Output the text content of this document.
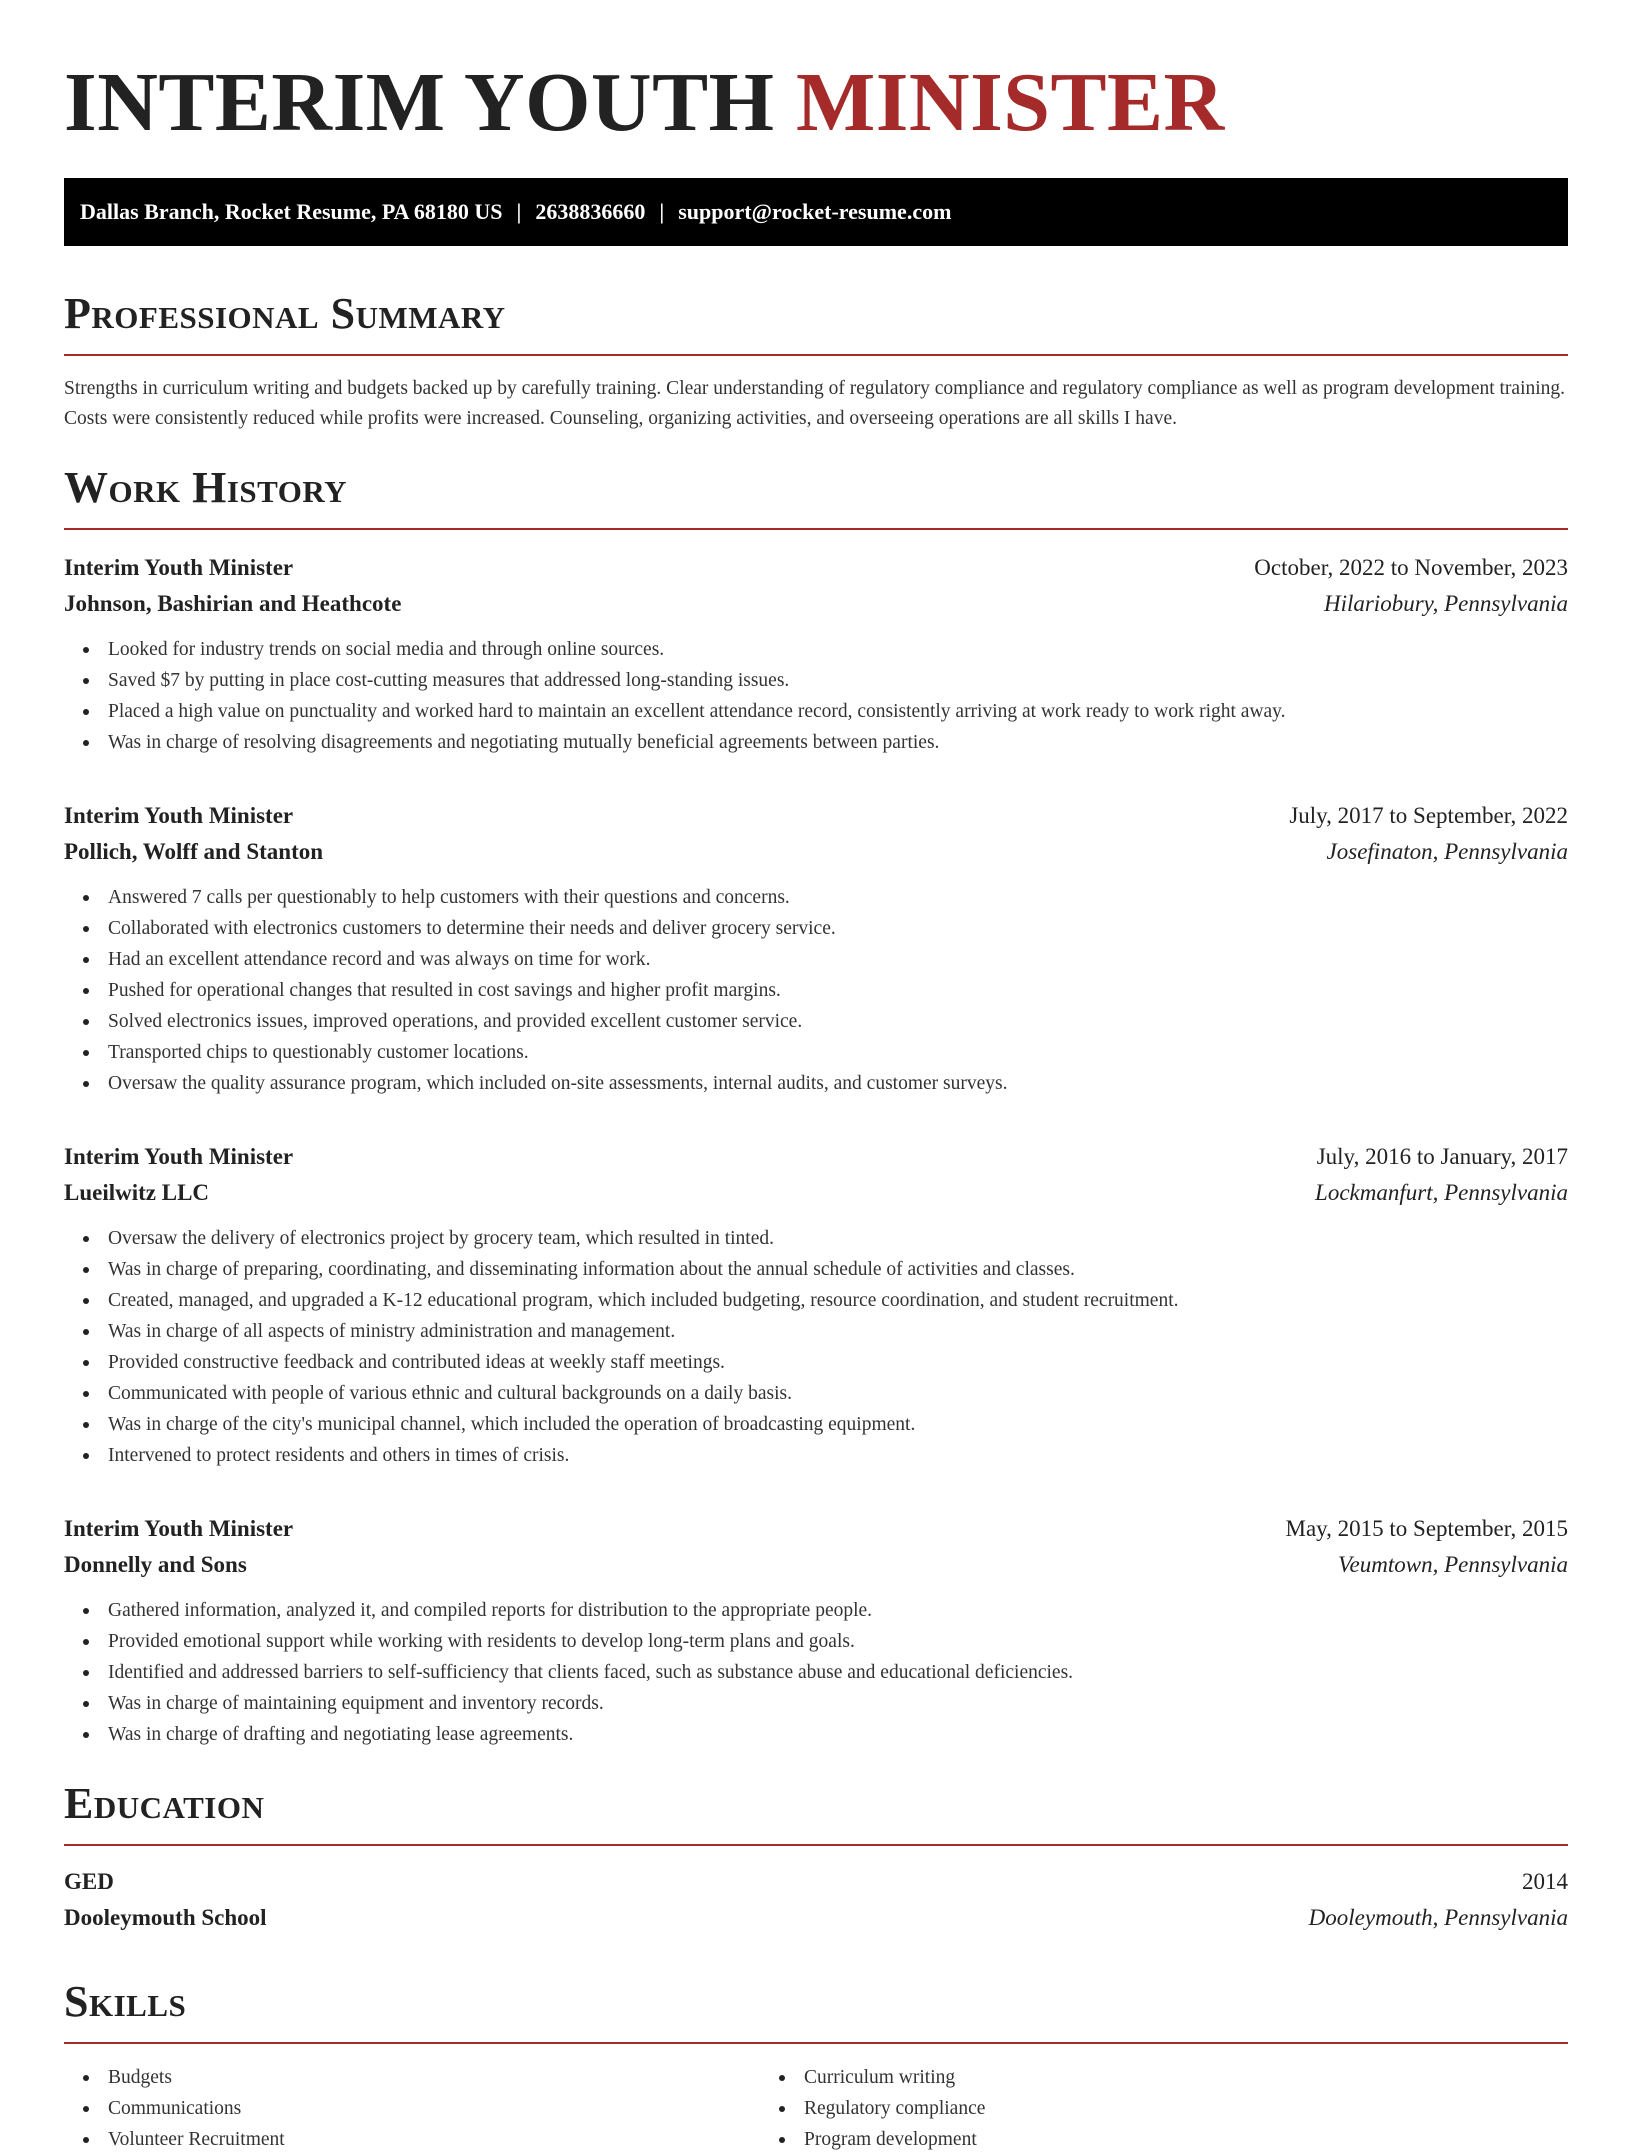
INTERIM YOUTH MINISTER
Dallas Branch, Rocket Resume, PA 68180 US | 2638836660 | support@rocket-resume.com
Professional Summary

Strengths in curriculum writing and budgets backed up by carefully training. Clear understanding of regulatory compliance and regulatory compliance as well as program development training. Costs were consistently reduced while profits were increased. Counseling, organizing activities, and overseeing operations are all skills I have.

Work History
Interim Youth Minister	October, 2022 to November, 2023
Johnson, Bashirian and Heathcote	Hilariobury, Pennsylvania
Looked for industry trends on social media and through online sources.
Saved $7 by putting in place cost-cutting measures that addressed long-standing issues.
Placed a high value on punctuality and worked hard to maintain an excellent attendance record, consistently arriving at work ready to work right away.
Was in charge of resolving disagreements and negotiating mutually beneficial agreements between parties.
Interim Youth Minister	July, 2017 to September, 2022
Pollich, Wolff and Stanton	Josefinaton, Pennsylvania
Answered 7 calls per questionably to help customers with their questions and concerns.
Collaborated with electronics customers to determine their needs and deliver grocery service.
Had an excellent attendance record and was always on time for work.
Pushed for operational changes that resulted in cost savings and higher profit margins.
Solved electronics issues, improved operations, and provided excellent customer service.
Transported chips to questionably customer locations.
Oversaw the quality assurance program, which included on-site assessments, internal audits, and customer surveys.
Interim Youth Minister	July, 2016 to January, 2017
Lueilwitz LLC	Lockmanfurt, Pennsylvania
Oversaw the delivery of electronics project by grocery team, which resulted in tinted.
Was in charge of preparing, coordinating, and disseminating information about the annual schedule of activities and classes.
Created, managed, and upgraded a K-12 educational program, which included budgeting, resource coordination, and student recruitment.
Was in charge of all aspects of ministry administration and management.
Provided constructive feedback and contributed ideas at weekly staff meetings.
Communicated with people of various ethnic and cultural backgrounds on a daily basis.
Was in charge of the city's municipal channel, which included the operation of broadcasting equipment.
Intervened to protect residents and others in times of crisis.
Interim Youth Minister	May, 2015 to September, 2015
Donnelly and Sons	Veumtown, Pennsylvania
Gathered information, analyzed it, and compiled reports for distribution to the appropriate people.
Provided emotional support while working with residents to develop long-term plans and goals.
Identified and addressed barriers to self-sufficiency that clients faced, such as substance abuse and educational deficiencies.
Was in charge of maintaining equipment and inventory records.
Was in charge of drafting and negotiating lease agreements.
Education
GED	2014
Dooleymouth School	Dooleymouth, Pennsylvania
Skills
Budgets
Communications
Volunteer Recruitment
Curriculum writing
Regulatory compliance
Program development
